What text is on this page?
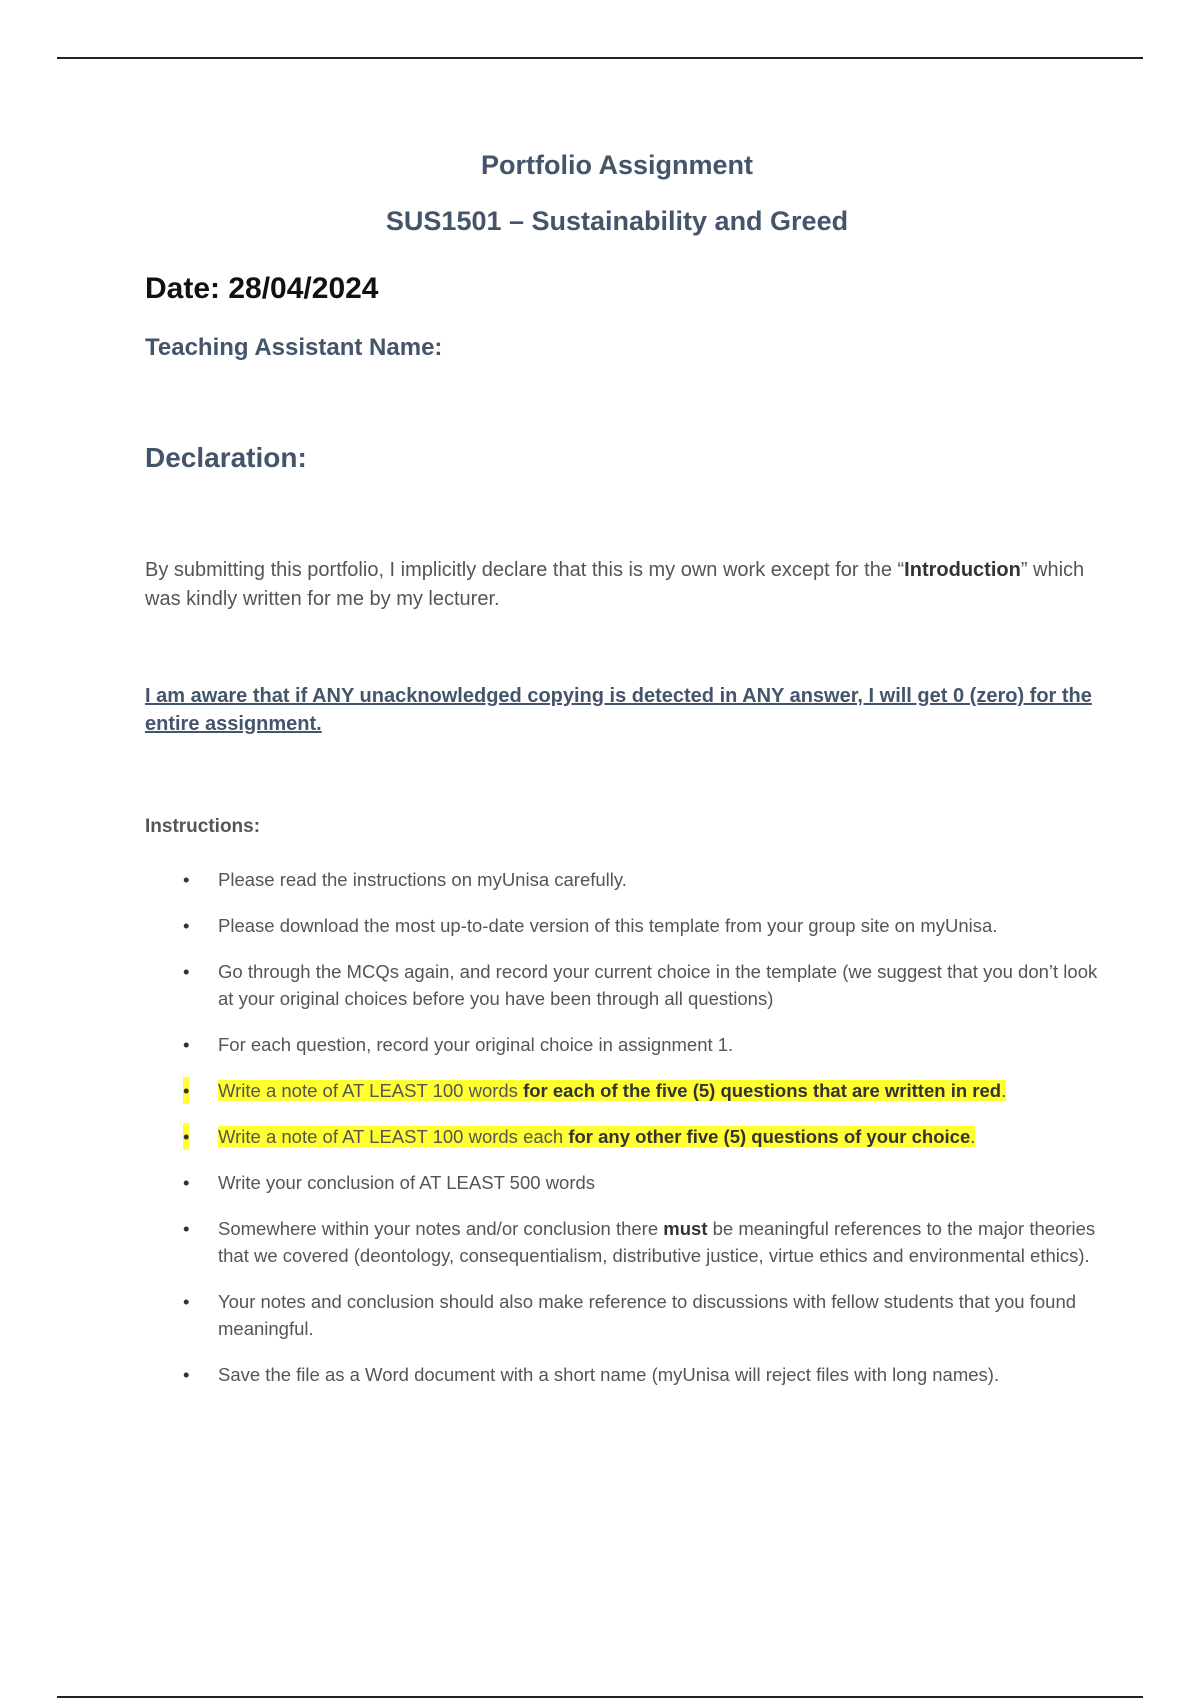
Portfolio Assignment
SUS1501 – Sustainability and Greed
Date: 28/04/2024
Teaching Assistant Name:
Declaration:
By submitting this portfolio, I implicitly declare that this is my own work except for the “Introduction” which was kindly written for me by my lecturer.
I am aware that if ANY unacknowledged copying is detected in ANY answer, I will get 0 (zero) for the entire assignment.
Instructions:
• Please read the instructions on myUnisa carefully.
• Please download the most up-to-date version of this template from your group site on myUnisa.
• Go through the MCQs again, and record your current choice in the template (we suggest that you don’t look at your original choices before you have been through all questions)
• For each question, record your original choice in assignment 1.
• Write a note of AT LEAST 100 words for each of the five (5) questions that are written in red.
• Write a note of AT LEAST 100 words each for any other five (5) questions of your choice.
• Write your conclusion of AT LEAST 500 words
• Somewhere within your notes and/or conclusion there must be meaningful references to the major theories that we covered (deontology, consequentialism, distributive justice, virtue ethics and environmental ethics).
• Your notes and conclusion should also make reference to discussions with fellow students that you found meaningful.
• Save the file as a Word document with a short name (myUnisa will reject files with long names).
